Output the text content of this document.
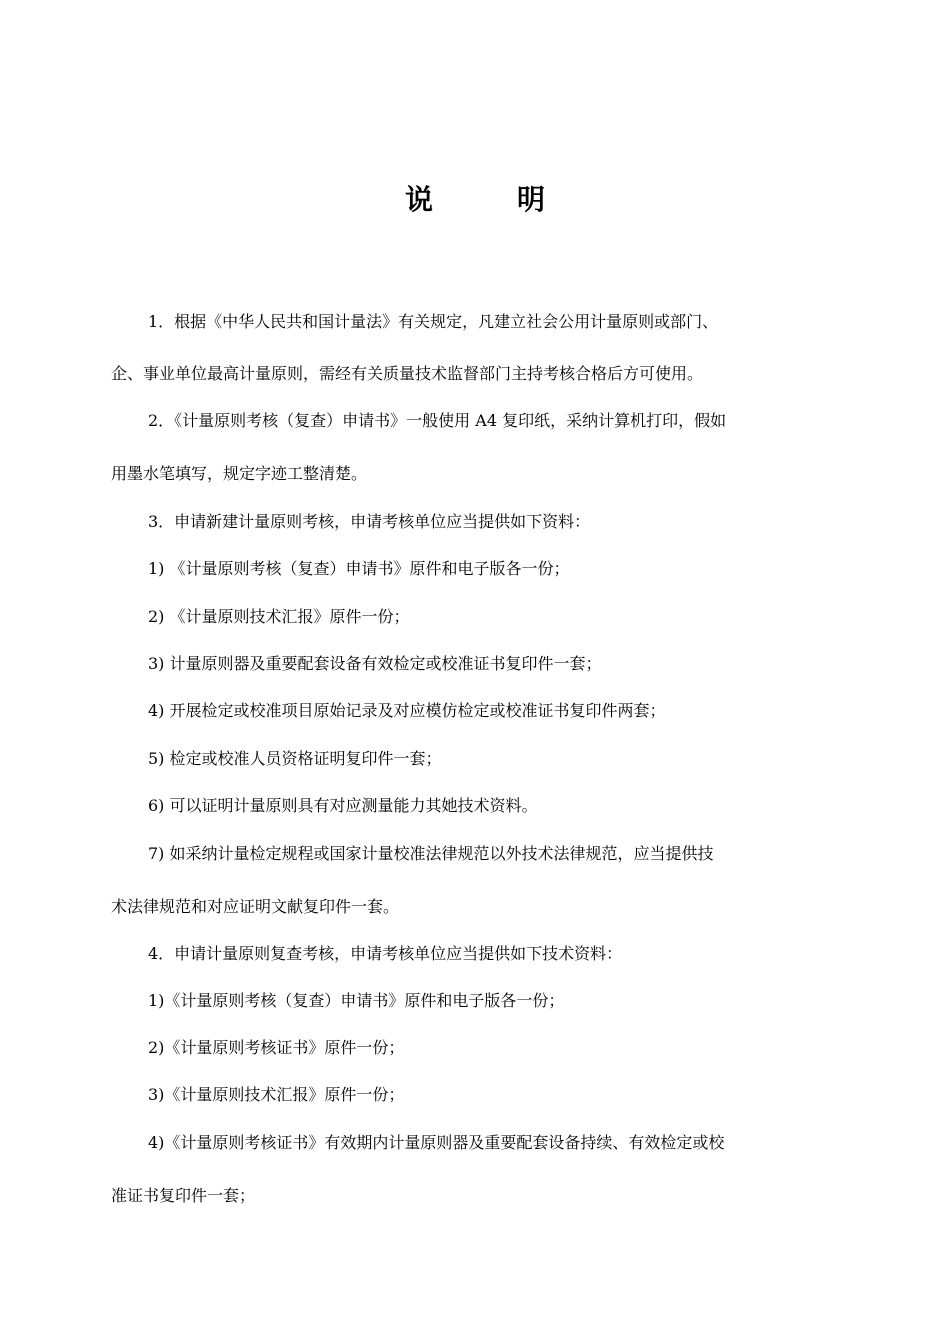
说	明
1．根据《中华人民共和国计量法》有关规定，凡建立社会公用计量原则或部门、
企、事业单位最高计量原则，需经有关质量技术监督部门主持考核合格后方可使用。
2．《计量原则考核（复查）申请书》一般使用 A4 复印纸，采纳计算机打印，假如
用墨水笔填写，规定字迹工整清楚。
3．申请新建计量原则考核，申请考核单位应当提供如下资料：
1) 《计量原则考核（复查）申请书》原件和电子版各一份；
2) 《计量原则技术汇报》原件一份；
3) 计量原则器及重要配套设备有效检定或校准证书复印件一套；
4) 开展检定或校准项目原始记录及对应模仿检定或校准证书复印件两套；
5) 检定或校准人员资格证明复印件一套；
6) 可以证明计量原则具有对应测量能力其她技术资料。
7) 如采纳计量检定规程或国家计量校准法律规范以外技术法律规范，应当提供技
术法律规范和对应证明文献复印件一套。
4．申请计量原则复查考核，申请考核单位应当提供如下技术资料：
1)《计量原则考核（复查）申请书》原件和电子版各一份；
2)《计量原则考核证书》原件一份；
3)《计量原则技术汇报》原件一份；
4)《计量原则考核证书》有效期内计量原则器及重要配套设备持续、有效检定或校
准证书复印件一套；
